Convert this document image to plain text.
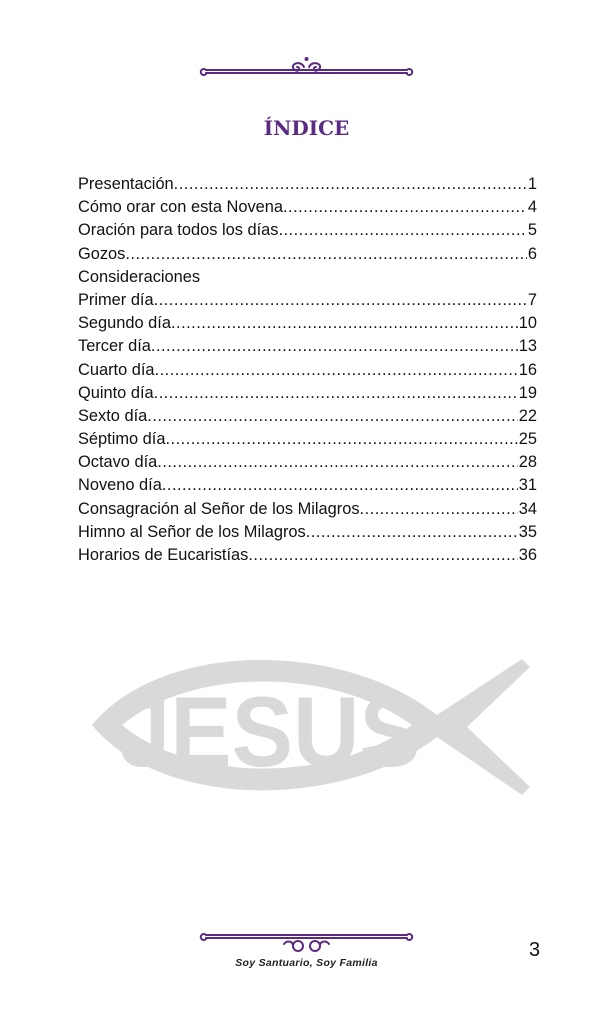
ÍNDICE
Presentación .....	1
Cómo orar con esta Novena .....	4
Oración para todos los días .....	5
Gozos .....	6
Consideraciones
Primer día .....	7
Segundo día .....	10
Tercer día .....	13
Cuarto día .....	16
Quinto día .....	19
Sexto día .....	22
Séptimo día .....	25
Octavo día .....	28
Noveno día .....	31
Consagración al Señor de los Milagros .....	34
Himno al Señor de los Milagros .....	35
Horarios de Eucaristías .....	36
JESUS
Soy Santuario, Soy Familia
3
